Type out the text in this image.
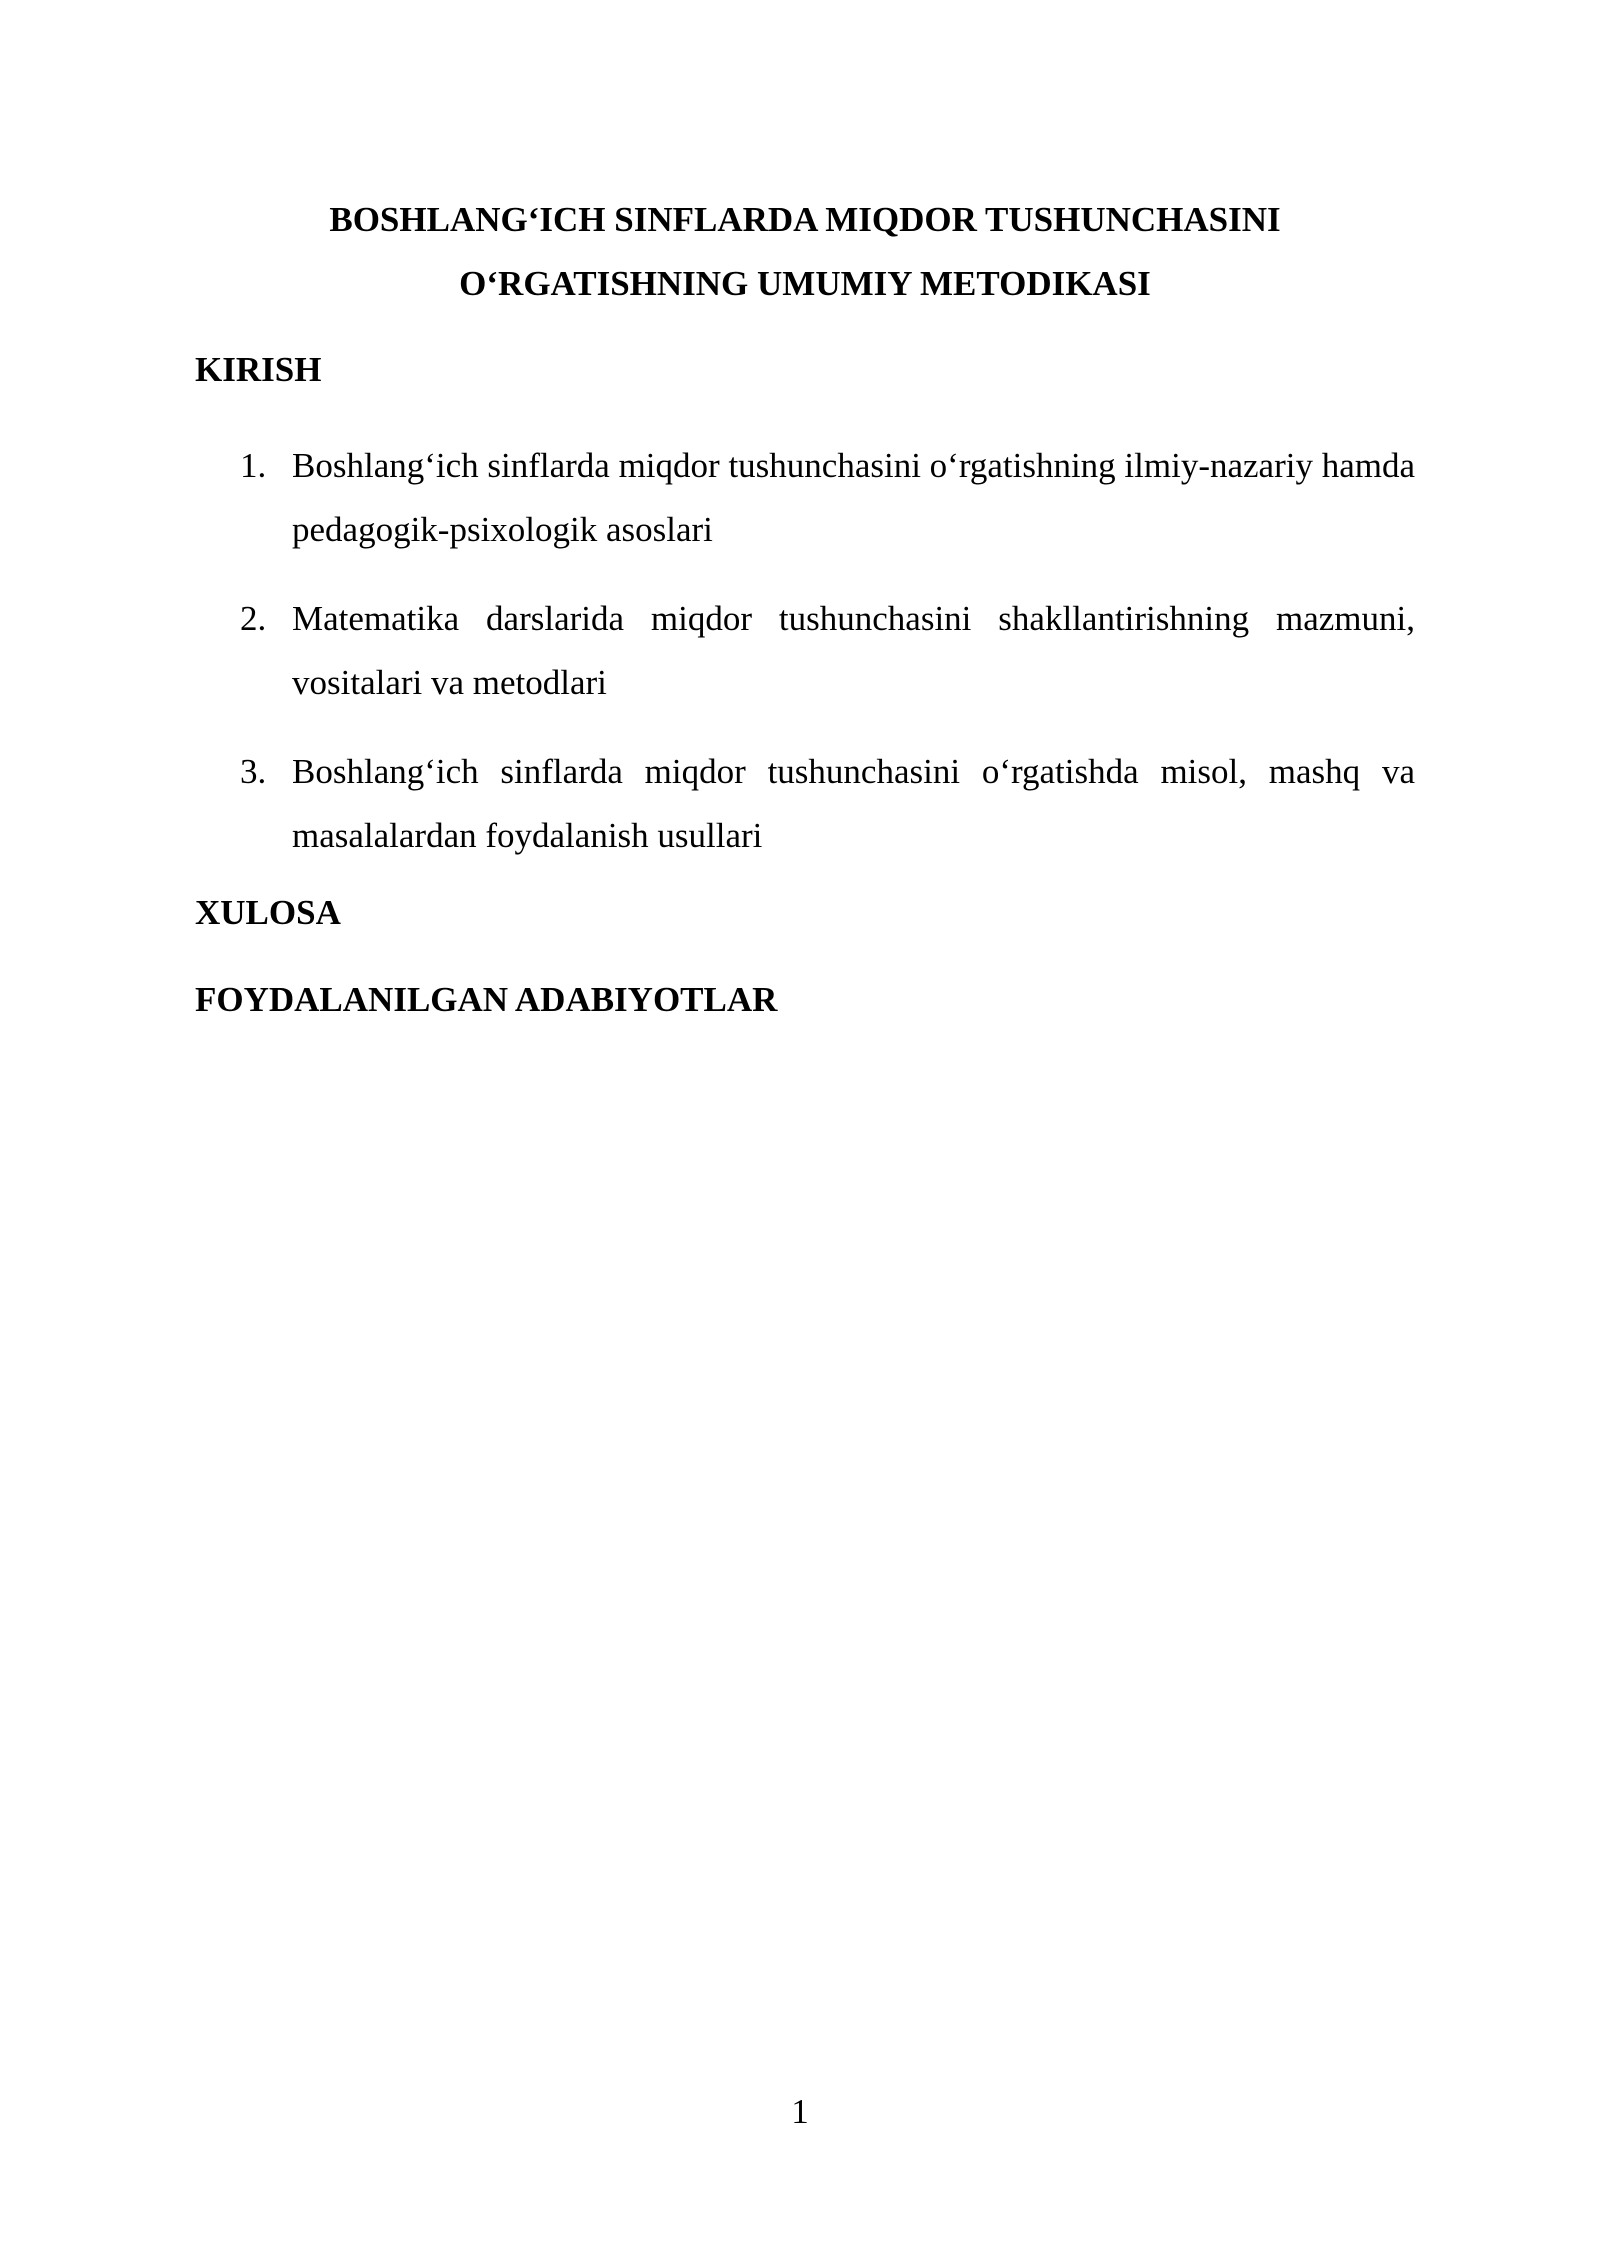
BOSHLANG‘ICH SINFLARDA MIQDOR TUSHUNCHASINI
O‘RGATISHNING UMUMIY METODIKASI
KIRISH
1. Boshlang‘ich sinflarda miqdor tushunchasini o‘rgatishning ilmiy-nazariy hamda pedagogik-psixologik asoslari
2. Matematika darslarida miqdor tushunchasini shakllantirishning mazmuni, vositalari va metodlari
3. Boshlang‘ich sinflarda miqdor tushunchasini o‘rgatishda misol, mashq va masalalardan foydalanish usullari
XULOSA
FOYDALANILGAN ADABIYOTLAR
1
